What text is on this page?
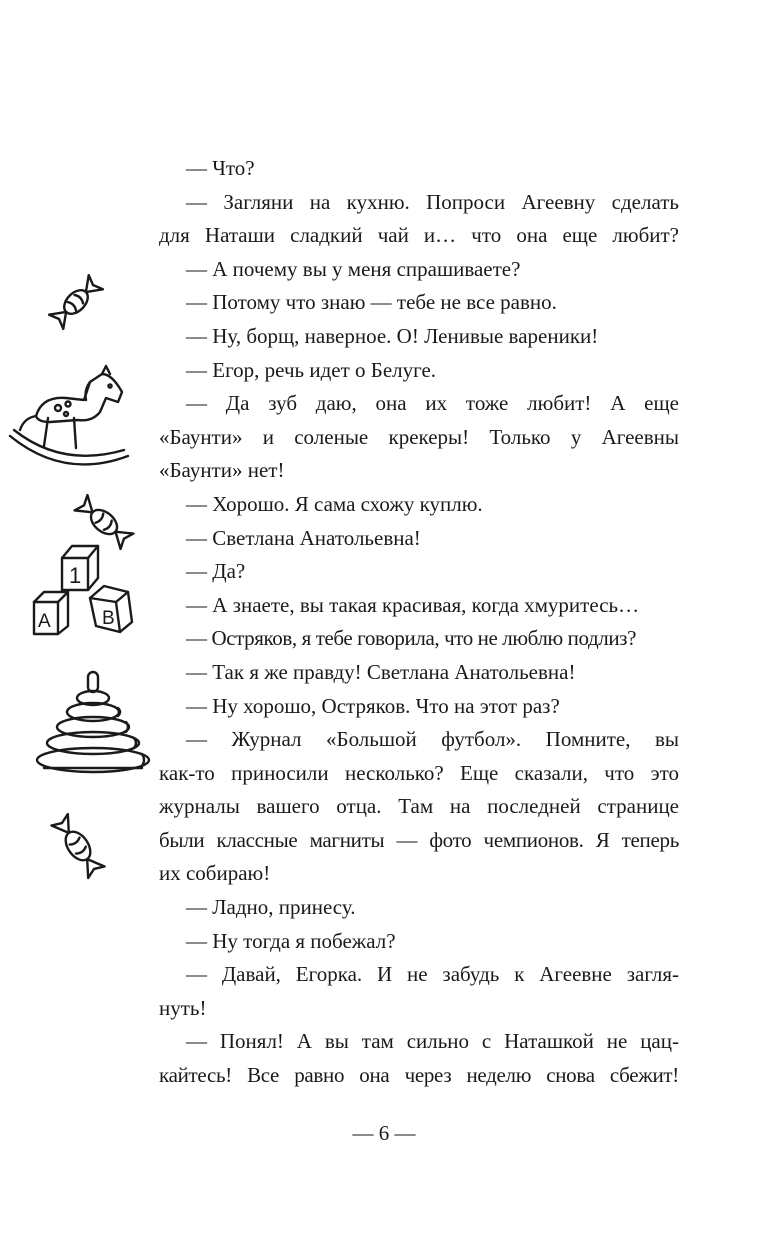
1
A	B
— Что?
— Загляни на кухню. Попроси Агеевну сделать
для Наташи сладкий чай и… что она еще любит?
— А почему вы у меня спрашиваете?
— Потому что знаю — тебе не все равно.
— Ну, борщ, наверное. О! Ленивые вареники!
— Егор, речь идет о Белуге.
— Да зуб даю, она их тоже любит! А еще
«Баунти» и соленые крекеры! Только у Агеевны
«Баунти» нет!
— Хорошо. Я сама схожу куплю.
— Светлана Анатольевна!
— Да?
— А знаете, вы такая красивая, когда хмуритесь…
— Остряков, я тебе говорила, что не люблю подлиз?
— Так я же правду! Светлана Анатольевна!
— Ну хорошо, Остряков. Что на этот раз?
— Журнал «Большой футбол». Помните, вы
как-то приносили несколько? Еще сказали, что это
журналы вашего отца. Там на последней странице
были классные магниты — фото чемпионов. Я теперь
их собираю!
— Ладно, принесу.
— Ну тогда я побежал?
— Давай, Егорка. И не забудь к Агеевне загля-
нуть!
— Понял! А вы там сильно с Наташкой не цац-
кайтесь! Все равно она через неделю снова сбежит!
— 6 —
